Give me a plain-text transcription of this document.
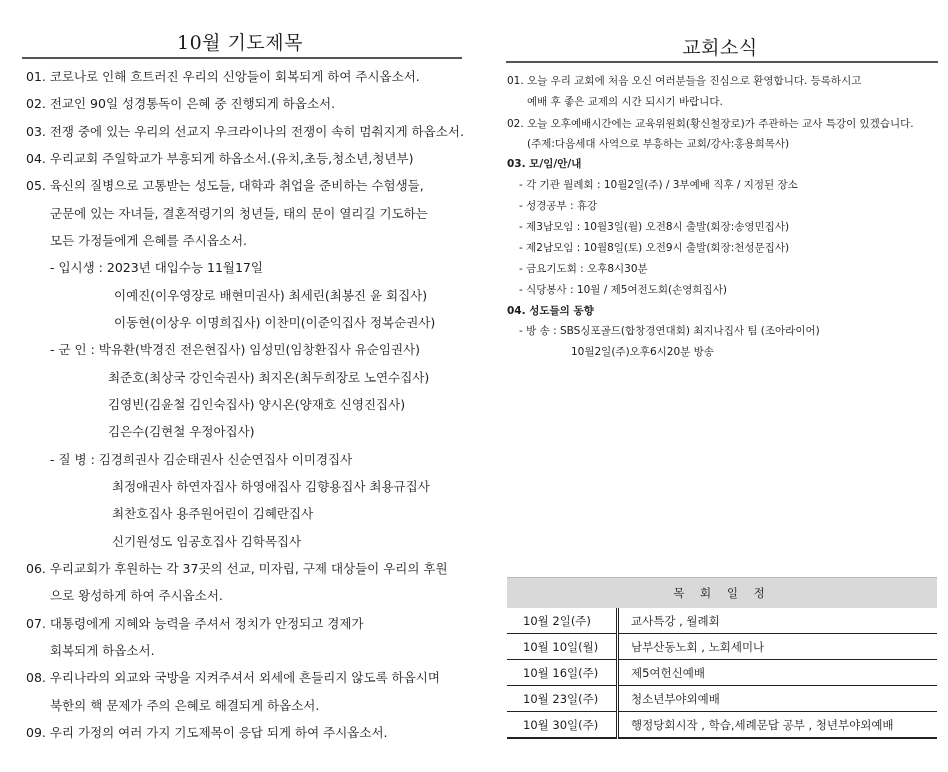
10월 기도제목
01. 코로나로 인해 흐트러진 우리의 신앙들이 회복되게 하여 주시옵소서.
02. 전교인 90일 성경통독이 은혜 중 진행되게 하옵소서.
03. 전쟁 중에 있는 우리의 선교지 우크라이나의 전쟁이 속히 멈춰지게 하옵소서.
04. 우리교회 주일학교가 부흥되게 하옵소서.(유치,초등,청소년,청년부)
05. 육신의 질병으로 고통받는 성도들, 대학과 취업을 준비하는 수험생들,
군문에 있는 자녀들, 결혼적령기의 청년들, 태의 문이 열리길 기도하는
모든 가정들에게 은혜를 주시옵소서.
- 입시생 : 2023년 대입수능 11월17일
이예진(이우영장로 배현미권사) 최세린(최봉진 윤 회집사)
이동현(이상우 이명희집사) 이찬미(이준익집사 정복순권사)
- 군 인 : 박유환(박경진 전은현집사) 임성민(임창환집사 유순임권사)
최준호(최상국 강인숙권사) 최지온(최두희장로 노연수집사)
김영빈(김윤철 김인숙집사) 양시온(양재호 신영진집사)
김은수(김현철 우정아집사)
- 질 병 : 김경희권사 김순태권사 신순연집사 이미경집사
최정애권사 하연자집사 하영애집사 김향용집사 최용규집사
최찬호집사 용주원어린이 김혜란집사
신기원성도 임공호집사 김학목집사
06. 우리교회가 후원하는 각 37곳의 선교, 미자립, 구제 대상들이 우리의 후원
으로 왕성하게 하여 주시옵소서.
07. 대통령에게 지혜와 능력을 주셔서 정치가 안정되고 경제가
회복되게 하옵소서.
08. 우리나라의 외교와 국방을 지켜주셔서 외세에 흔들리지 않도록 하옵시며
북한의 핵 문제가 주의 은혜로 해결되게 하옵소서.
09. 우리 가정의 여러 가지 기도제목이 응답 되게 하여 주시옵소서.
교회소식
01. 오늘 우리 교회에 처음 오신 여러분들을 진심으로 환영합니다. 등록하시고
예배 후 좋은 교제의 시간 되시기 바랍니다.
02. 오늘 오후예배시간에는 교육위원회(황신철장로)가 주관하는 교사 특강이 있겠습니다.
(주제:다음세대 사역으로 부흥하는 교회/강사:홍용희목사)
03. 모/임/안/내
- 각 기관 월례회 : 10월2일(주) / 3부예배 직후 / 지정된 장소
- 성경공부 : 휴강
- 제3남모임 : 10월3일(월) 오전8시 출발(회장:송영민집사)
- 제2남모임 : 10월8일(토) 오전9시 출발(회장:천성문집사)
- 금요기도회 : 오후8시30분
- 식당봉사 : 10월 / 제5여전도회(손영희집사)
04. 성도들의 동향
- 방 송 : SBS싱포골드(합창경연대회) 최지나집사 팀 (조아라이어)
10월2일(주)오후6시20분 방송
목 회 일 정	
10월 2일(주)	교사특강 , 월례회
10월 10일(월)	남부산동노회 , 노회세미나
10월 16일(주)	제5여헌신예배
10월 23일(주)	청소년부야외예배
10월 30일(주)	행정당회시작 , 학습,세례문답 공부 , 청년부야외예배
